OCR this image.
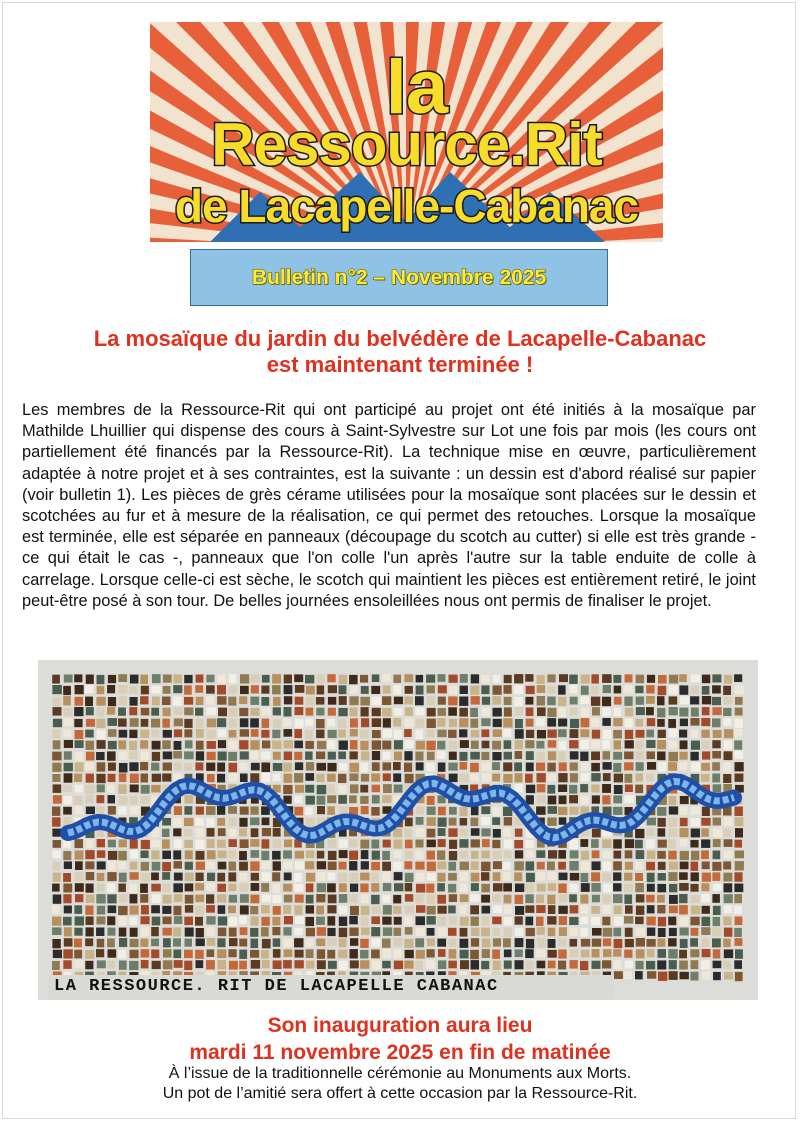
la
Ressource.Rit
de Lacapelle-Cabanac
Bulletin n°2 – Novembre 2025
La mosaïque du jardin du belvédère de Lacapelle-Cabanac
est maintenant terminée !
Les membres de la Ressource-Rit qui ont participé au projet ont été initiés à la mosaïque par Mathilde Lhuillier qui dispense des cours à Saint-Sylvestre sur Lot une fois par mois (les cours ont partiellement été financés par la Ressource-Rit). La technique mise en œuvre, particulièrement adaptée à notre projet et à ses contraintes, est la suivante : un dessin est d'abord réalisé sur papier (voir bulletin 1). Les pièces de grès cérame utilisées pour la mosaïque sont placées sur le dessin et scotchées au fur et à mesure de la réalisation, ce qui permet des retouches. Lorsque la mosaïque est terminée, elle est séparée en panneaux (découpage du scotch au cutter) si elle est très grande - ce qui était le cas -, panneaux que l'on colle l'un après l'autre sur la table enduite de colle à carrelage. Lorsque celle-ci est sèche, le scotch qui maintient les pièces est entièrement retiré, le joint peut-être posé à son tour. De belles journées ensoleillées nous ont permis de finaliser le projet.
LA RESSOURCE. RIT DE LACAPELLE CABANAC
Son inauguration aura lieu
mardi 11 novembre 2025 en fin de matinée
À l’issue de la traditionnelle cérémonie au Monuments aux Morts.
Un pot de l’amitié sera offert à cette occasion par la Ressource-Rit.
